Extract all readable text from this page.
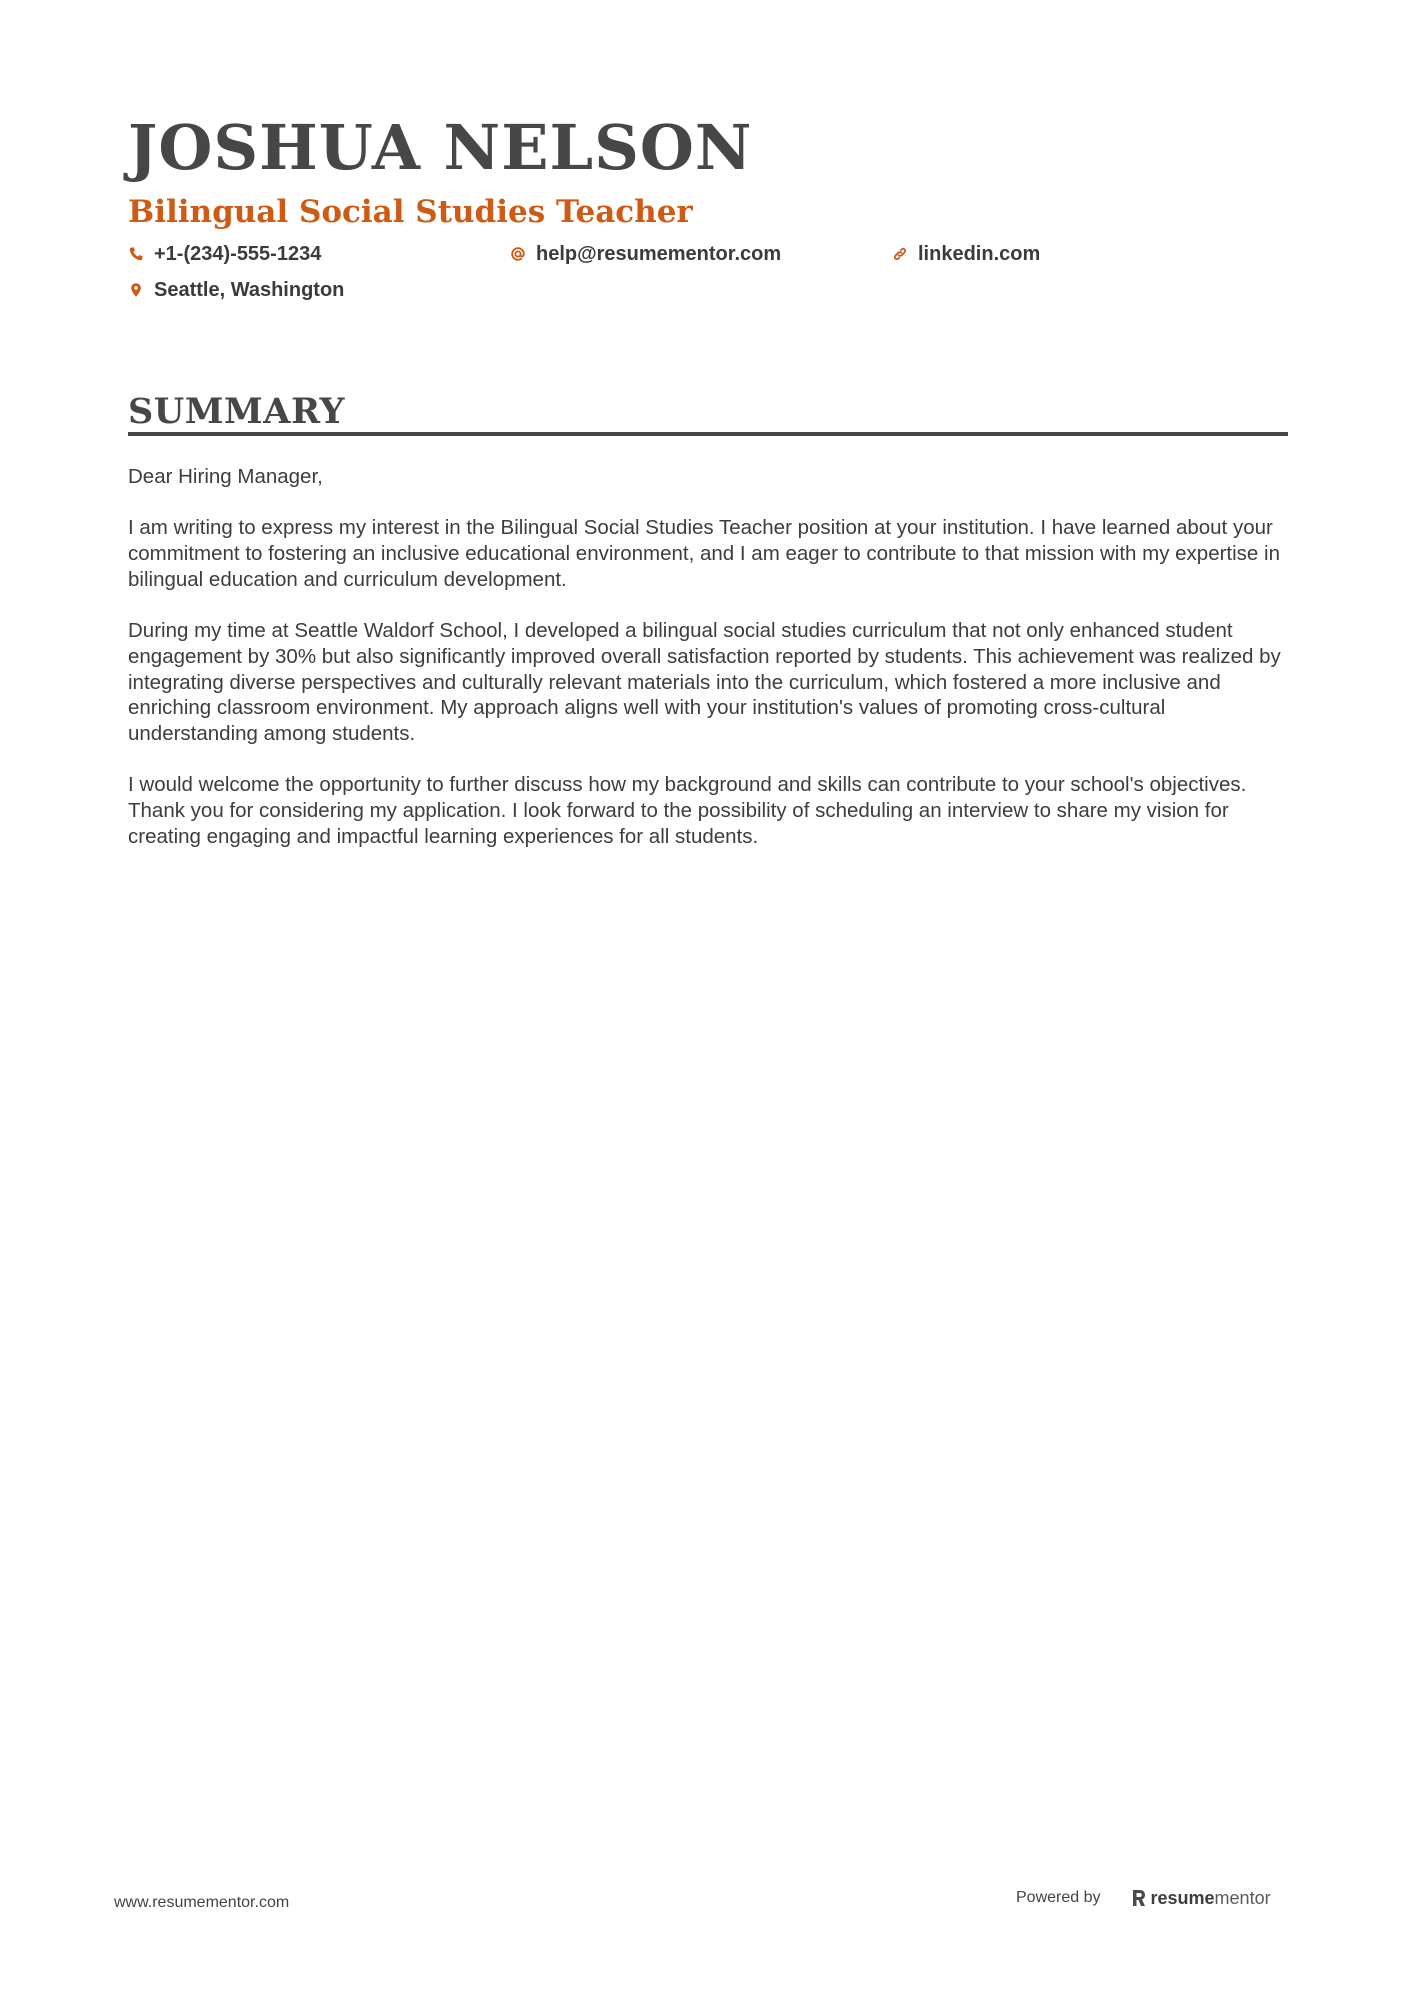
JOSHUA NELSON
Bilingual Social Studies Teacher
+1-(234)-555-1234	help@resumementor.com	linkedin.com
Seattle, Washington
SUMMARY

Dear Hiring Manager,

I am writing to express my interest in the Bilingual Social Studies Teacher position at your institution. I have learned about your commitment to fostering an inclusive educational environment, and I am eager to contribute to that mission with my expertise in bilingual education and curriculum development.

During my time at Seattle Waldorf School, I developed a bilingual social studies curriculum that not only enhanced student engagement by 30% but also significantly improved overall satisfaction reported by students. This achievement was realized by integrating diverse perspectives and culturally relevant materials into the curriculum, which fostered a more inclusive and enriching classroom environment. My approach aligns well with your institution's values of promoting cross-cultural understanding among students.

I would welcome the opportunity to further discuss how my background and skills can contribute to your school's objectives. Thank you for considering my application. I look forward to the possibility of scheduling an interview to share my vision for creating engaging and impactful learning experiences for all students.

www.resumementor.com	Powered by	resumementor
